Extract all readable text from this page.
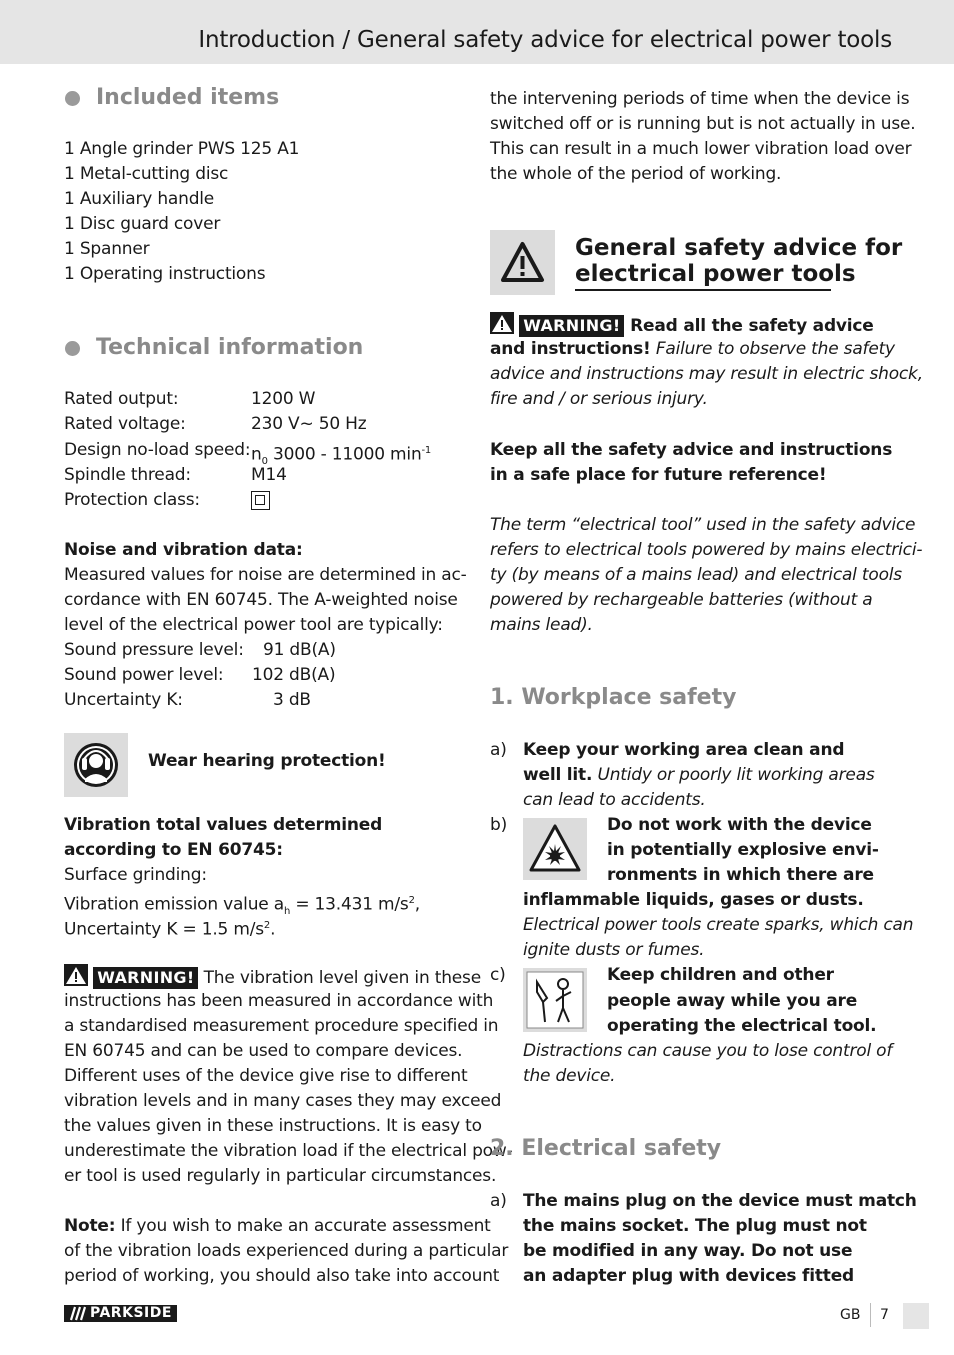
Introduction / General safety advice for electrical power tools
Included items
1 Angle grinder PWS 125 A1
1 Metal-cutting disc
1 Auxiliary handle
1 Disc guard cover
1 Spanner
1 Operating instructions
Technical information
Rated output:	1200 W
Rated voltage:	230 V~ 50 Hz
Design no-load speed: $n_0$ 3000 - 11000 $\min^{-1}$
Spindle thread:	M14
Protection class:
Noise and vibration data:
Measured values for noise are determined in ac-
cordance with EN 60745. The A-weighted noise
level of the electrical power tool are typically:
Sound pressure level: 91 dB(A)
Sound power level: 102 dB(A)
Uncertainty K:	3 dB
Wear hearing protection!
Vibration total values determined
according to EN 60745:
Surface grinding:
Vibration emission value $a_h = 13.431$ $m/s^2$,
Uncertainty K = 1.5 $m/s^2$.
WARNING! The vibration level given in these
instructions has been measured in accordance with
a standardised measurement procedure specified in
EN 60745 and can be used to compare devices.
Different uses of the device give rise to different
vibration levels and in many cases they may exceed
the values given in these instructions. It is easy to
underestimate the vibration load if the electrical pow-
er tool is used regularly in particular circumstances.
Note: If you wish to make an accurate assessment
of the vibration loads experienced during a particular
period of working, you should also take into account
the intervening periods of time when the device is
switched off or is running but is not actually in use.
This can result in a much lower vibration load over
the whole of the period of working.
General safety advice for
electrical power tools
WARNING! Read all the safety advice
and instructions! Failure to observe the safety
advice and instructions may result in electric shock,
fire and / or serious injury.
Keep all the safety advice and instructions
in a safe place for future reference!
The term “electrical tool” used in the safety advice
refers to electrical tools powered by mains electrici-
ty (by means of a mains lead) and electrical tools
powered by rechargeable batteries (without a
mains lead).
1. Workplace safety
a) Keep your working area clean and
well lit. Untidy or poorly lit working areas
can lead to accidents.
b)	Do not work with the device
in potentially explosive envi-
ronments in which there are
inflammable liquids, gases or dusts.
Electrical power tools create sparks, which can
ignite dusts or fumes.
c)	Keep children and other
people away while you are
operating the electrical tool.
Distractions can cause you to lose control of
the device.
2. Electrical safety
a) The mains plug on the device must match
the mains socket. The plug must not
be modified in any way. Do not use
an adapter plug with devices fitted
PARKSIDE	GB 7
